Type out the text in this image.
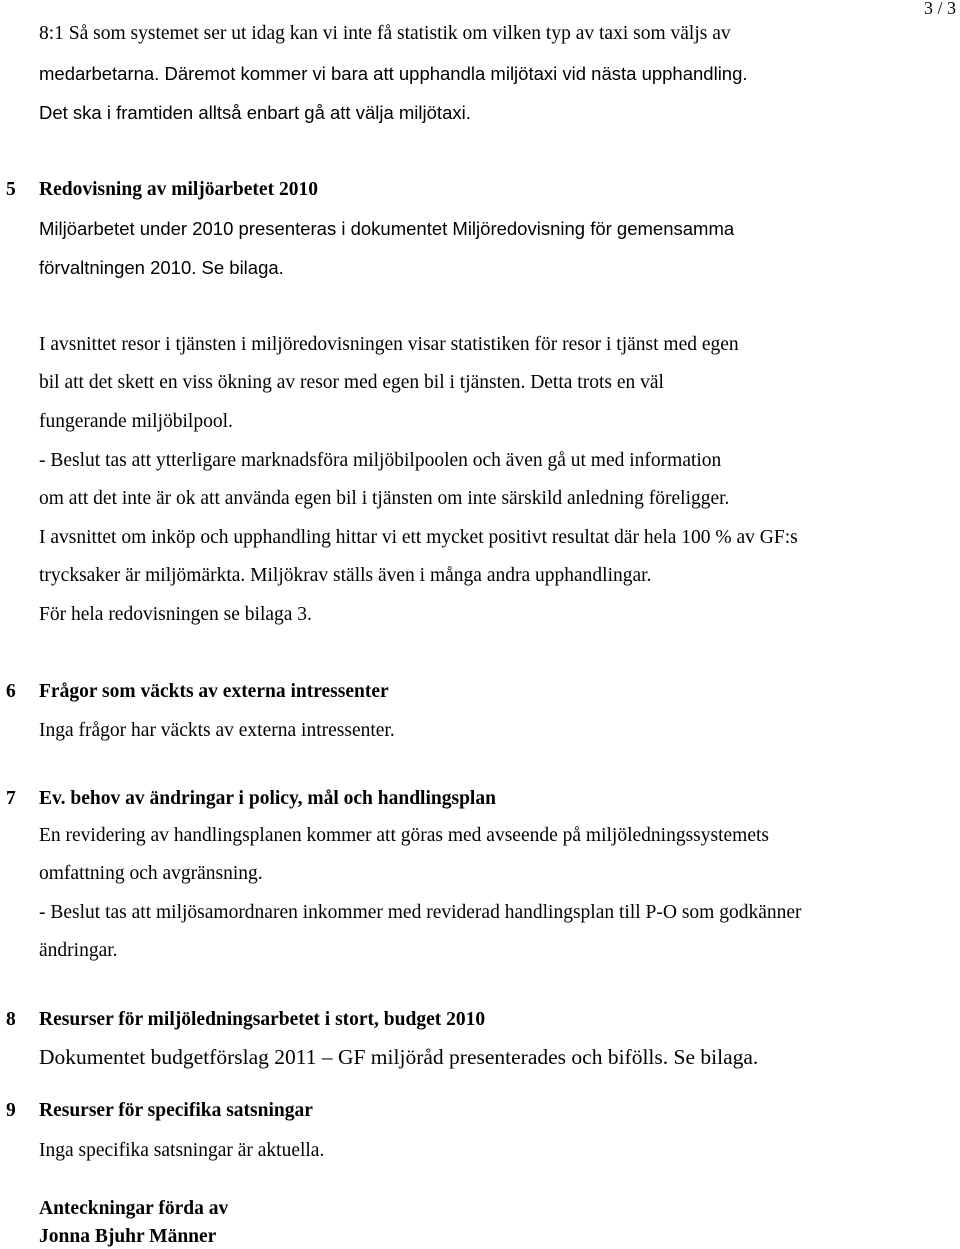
3 / 3

8:1 Så som systemet ser ut idag kan vi inte få statistik om vilken typ av taxi som väljs av

medarbetarna. Däremot kommer vi bara att upphandla miljötaxi vid nästa upphandling.

Det ska i framtiden alltså enbart gå att välja miljötaxi.

5 Redovisning av miljöarbetet 2010

Miljöarbetet under 2010 presenteras i dokumentet Miljöredovisning för gemensamma

förvaltningen 2010. Se bilaga.

I avsnittet resor i tjänsten i miljöredovisningen visar statistiken för resor i tjänst med egen

bil att det skett en viss ökning av resor med egen bil i tjänsten. Detta trots en väl

fungerande miljöbilpool.

- Beslut tas att ytterligare marknadsföra miljöbilpoolen och även gå ut med information

om att det inte är ok att använda egen bil i tjänsten om inte särskild anledning föreligger.

I avsnittet om inköp och upphandling hittar vi ett mycket positivt resultat där hela 100 % av GF:s

trycksaker är miljömärkta. Miljökrav ställs även i många andra upphandlingar.

För hela redovisningen se bilaga 3.

6 Frågor som väckts av externa intressenter

Inga frågor har väckts av externa intressenter.

7 Ev. behov av ändringar i policy, mål och handlingsplan

En revidering av handlingsplanen kommer att göras med avseende på miljöledningssystemets

omfattning och avgränsning.

- Beslut tas att miljösamordnaren inkommer med reviderad handlingsplan till P-O som godkänner

ändringar.

8 Resurser för miljöledningsarbetet i stort, budget 2010

Dokumentet budgetförslag 2011 – GF miljöråd presenterades och bifölls. Se bilaga.

9 Resurser för specifika satsningar

Inga specifika satsningar är aktuella.

Anteckningar förda av

Jonna Bjuhr Männer
